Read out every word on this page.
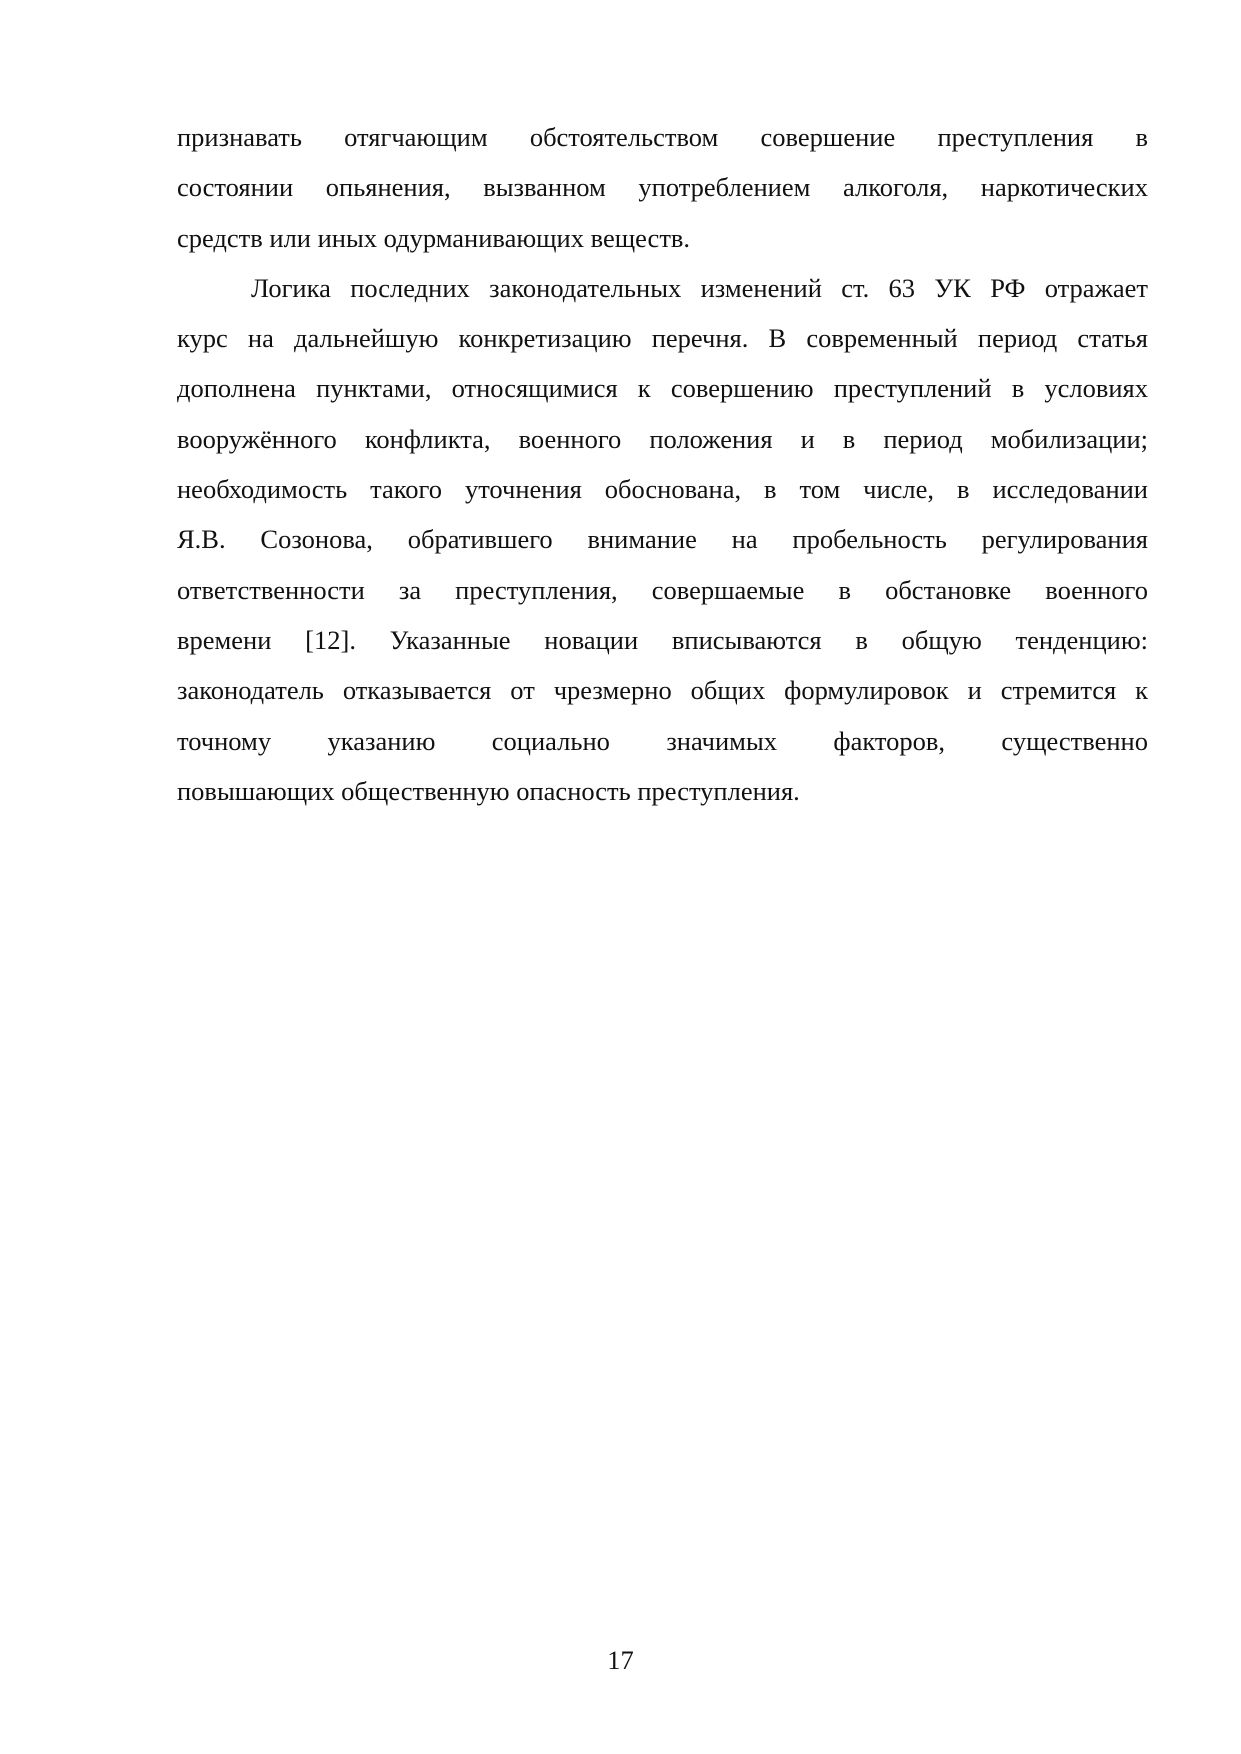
признавать отягчающим обстоятельством совершение преступления в
состоянии опьянения, вызванном употреблением алкоголя, наркотических
средств или иных одурманивающих веществ.
Логика последних законодательных изменений ст. 63 УК РФ отражает
курс на дальнейшую конкретизацию перечня. В современный период статья
дополнена пунктами, относящимися к совершению преступлений в условиях
вооружённого конфликта, военного положения и в период мобилизации;
необходимость такого уточнения обоснована, в том числе, в исследовании
Я.В. Созонова, обратившего внимание на пробельность регулирования
ответственности за преступления, совершаемые в обстановке военного
времени [12]. Указанные новации вписываются в общую тенденцию:
законодатель отказывается от чрезмерно общих формулировок и стремится к
точному указанию социально значимых факторов, существенно
повышающих общественную опасность преступления.
17
